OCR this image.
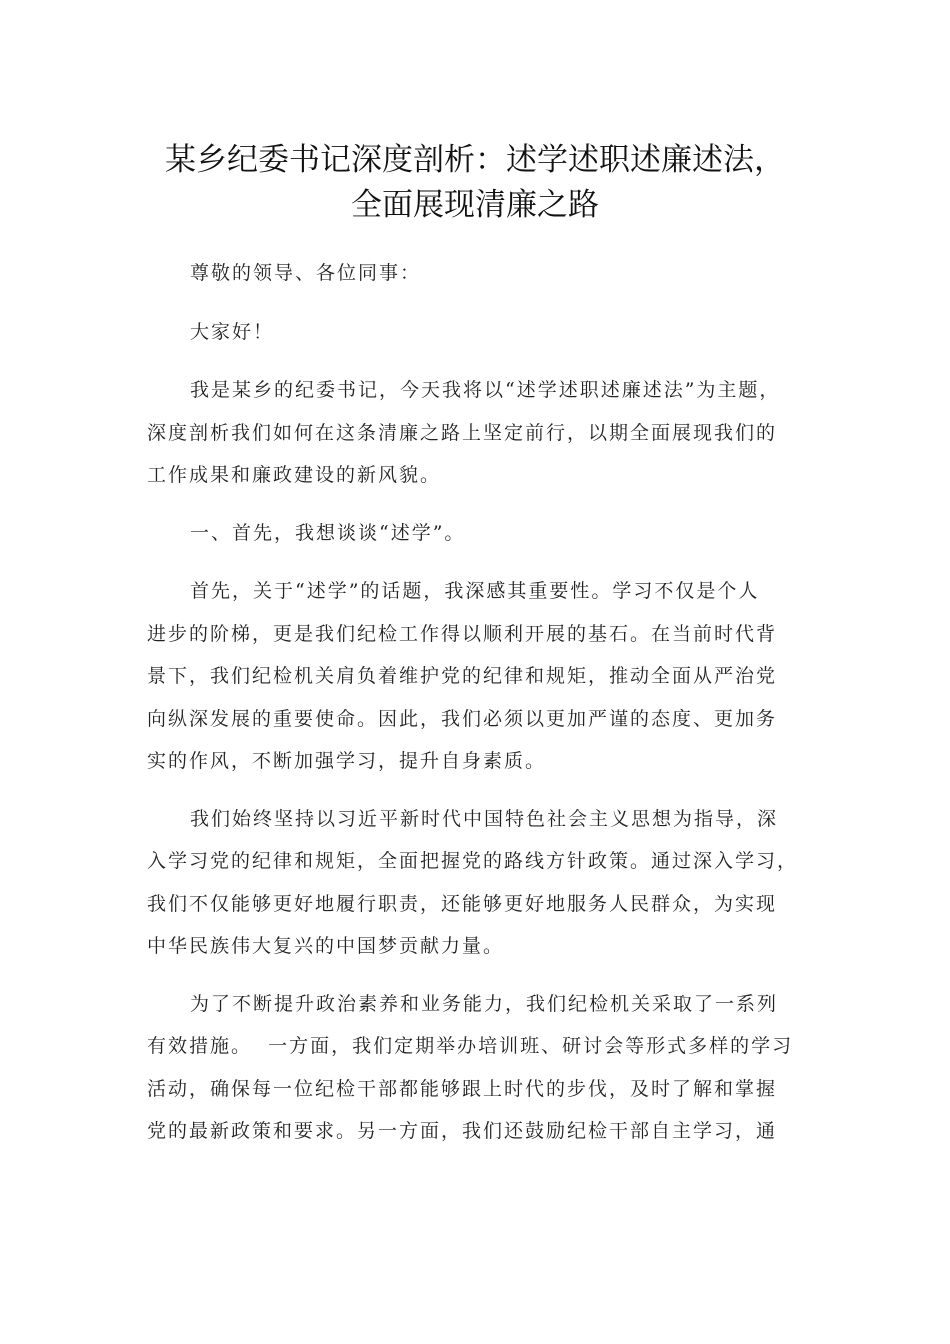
某乡纪委书记深度剖析：述学述职述廉述法，
全面展现清廉之路
尊敬的领导、各位同事：
大家好！
我是某乡的纪委书记，今天我将以“述学述职述廉述法”为主题，
深度剖析我们如何在这条清廉之路上坚定前行，以期全面展现我们的
工作成果和廉政建设的新风貌。
一、首先，我想谈谈“述学”。
首先，关于“述学”的话题，我深感其重要性。学习不仅是个人
进步的阶梯，更是我们纪检工作得以顺利开展的基石。在当前时代背
景下，我们纪检机关肩负着维护党的纪律和规矩，推动全面从严治党
向纵深发展的重要使命。因此，我们必须以更加严谨的态度、更加务
实的作风，不断加强学习，提升自身素质。
我们始终坚持以习近平新时代中国特色社会主义思想为指导，深
入学习党的纪律和规矩，全面把握党的路线方针政策。通过深入学习，
我们不仅能够更好地履行职责，还能够更好地服务人民群众，为实现
中华民族伟大复兴的中国梦贡献力量。
为了不断提升政治素养和业务能力，我们纪检机关采取了一系列
有效措施。  一方面，我们定期举办培训班、研讨会等形式多样的学习
活动，确保每一位纪检干部都能够跟上时代的步伐，及时了解和掌握
党的最新政策和要求。另一方面，我们还鼓励纪检干部自主学习，通
